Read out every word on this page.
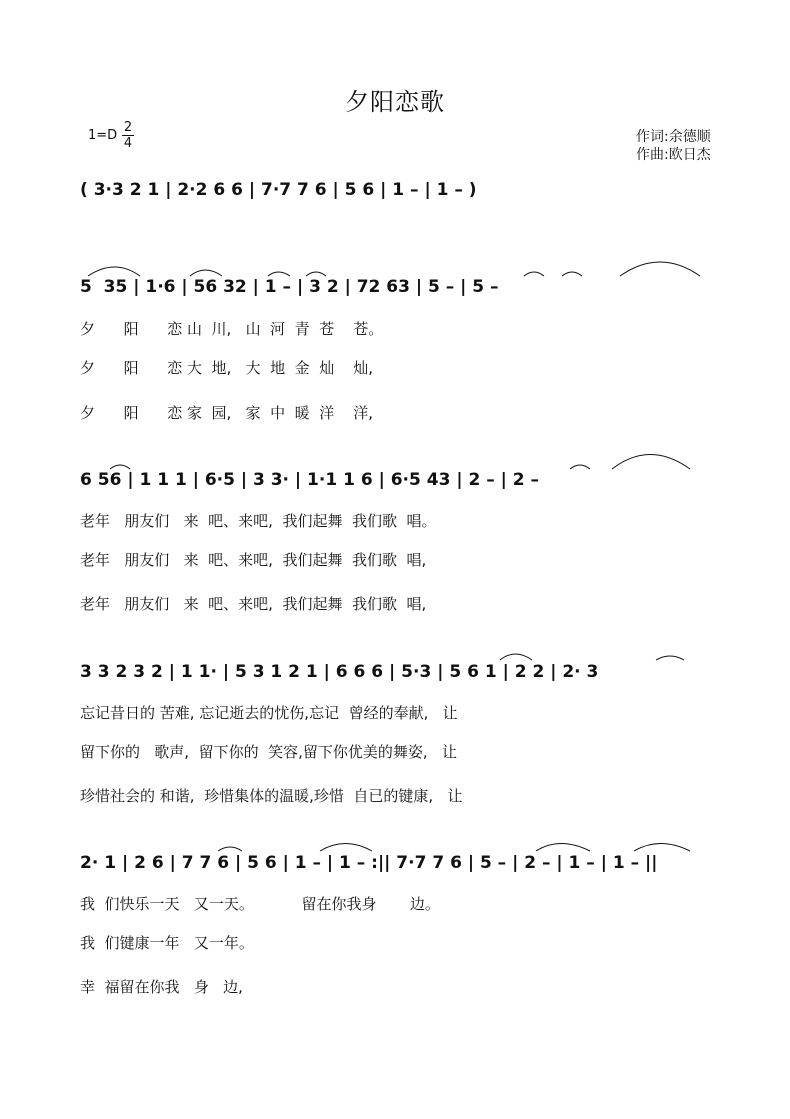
夕阳恋歌
$1=D \frac{2}{4}$	作词:余德顺
作曲:欧日杰
( 3·3 2 1 | 2·2 6 6 | 7·7 7 6 | 5 6 | 1 – | 1 – )
5  35 | 1·6 | 56 32 | 1 – | 3 2 | 72 63 | 5 – | 5 –
夕      阳      恋 山  川,   山  河  青  苍    苍。
夕      阳      恋 大  地,   大  地  金  灿    灿,
夕      阳      恋 家  园,   家  中  暖  洋    洋,
6 56 | 1 1 1 | 6·5 | 3 3· | 1·1 1 6 | 6·5 43 | 2 – | 2 –
老年   朋友们   来  吧、来吧,  我们起舞  我们歌  唱。
老年   朋友们   来  吧、来吧,  我们起舞  我们歌  唱,
老年   朋友们   来  吧、来吧,  我们起舞  我们歌  唱,
3 3 2 3 2 | 1 1· | 5 3 1 2 1 | 6 6 6 | 5·3 | 5 6 1 | 2 2 | 2· 3
忘记昔日的 苦难, 忘记逝去的忧伤,忘记  曾经的奉献,   让
留下你的   歌声,  留下你的  笑容,留下你优美的舞姿,   让
珍惜社会的 和谐,  珍惜集体的温暖,珍惜  自已的键康,   让
2· 1 | 2 6 | 7 7 6 | 5 6 | 1 – | 1 – :|| 7·7 7 6 | 5 – | 2 – | 1 – | 1 – ||
我  们快乐一天   又一天。          留在你我身       边。
我  们键康一年   又一年。
幸  福留在你我   身   边,
